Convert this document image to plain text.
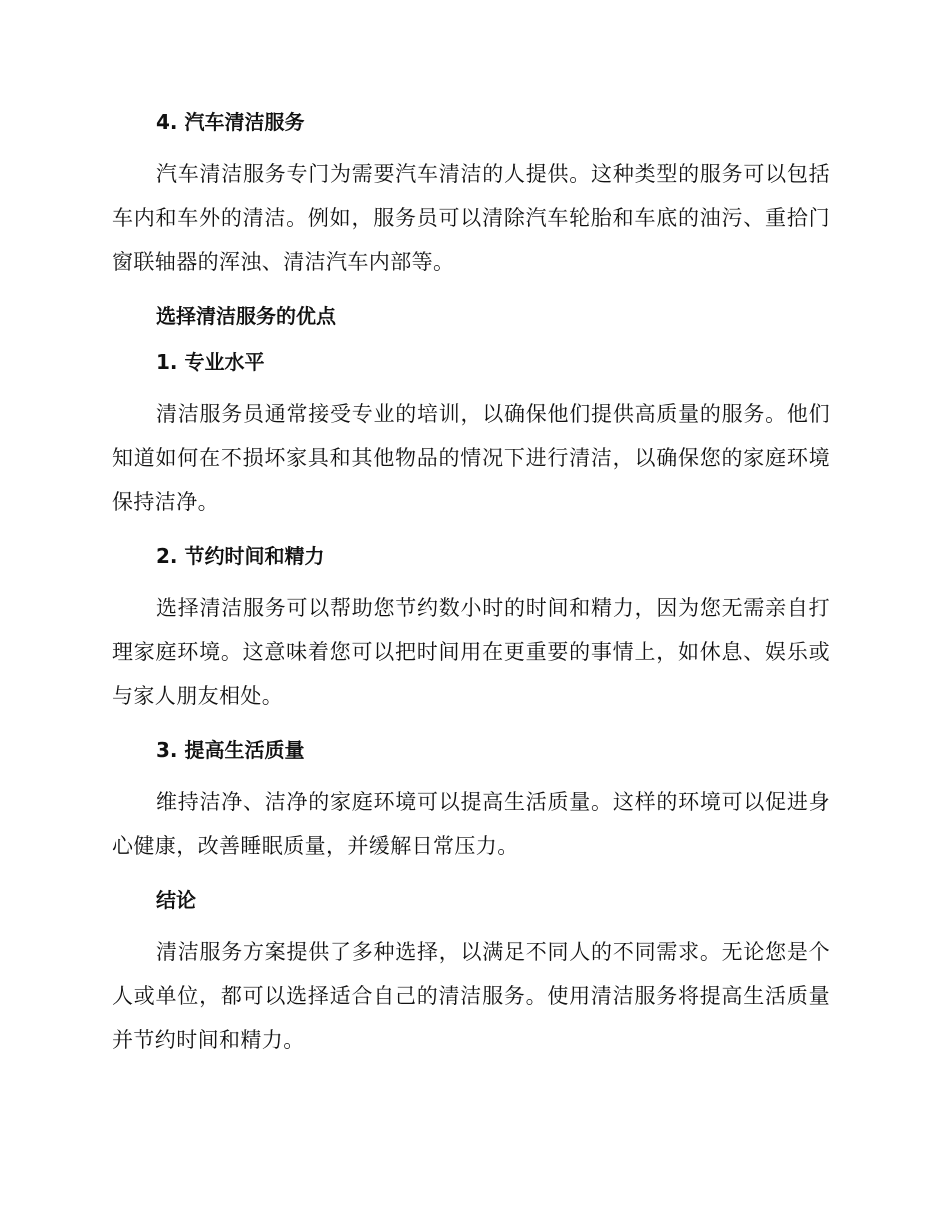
4. 汽车清洁服务

汽车清洁服务专门为需要汽车清洁的人提供。这种类型的服务可以包括车内和车外的清洁。例如，服务员可以清除汽车轮胎和车底的油污、重拾门窗联轴器的浑浊、清洁汽车内部等。

选择清洁服务的优点
1. 专业水平

清洁服务员通常接受专业的培训，以确保他们提供高质量的服务。他们知道如何在不损坏家具和其他物品的情况下进行清洁，以确保您的家庭环境保持洁净。

2. 节约时间和精力

选择清洁服务可以帮助您节约数小时的时间和精力，因为您无需亲自打理家庭环境。这意味着您可以把时间用在更重要的事情上，如休息、娱乐或与家人朋友相处。

3. 提高生活质量

维持洁净、洁净的家庭环境可以提高生活质量。这样的环境可以促进身心健康，改善睡眠质量，并缓解日常压力。

结论

清洁服务方案提供了多种选择，以满足不同人的不同需求。无论您是个人或单位，都可以选择适合自己的清洁服务。使用清洁服务将提高生活质量并节约时间和精力。
